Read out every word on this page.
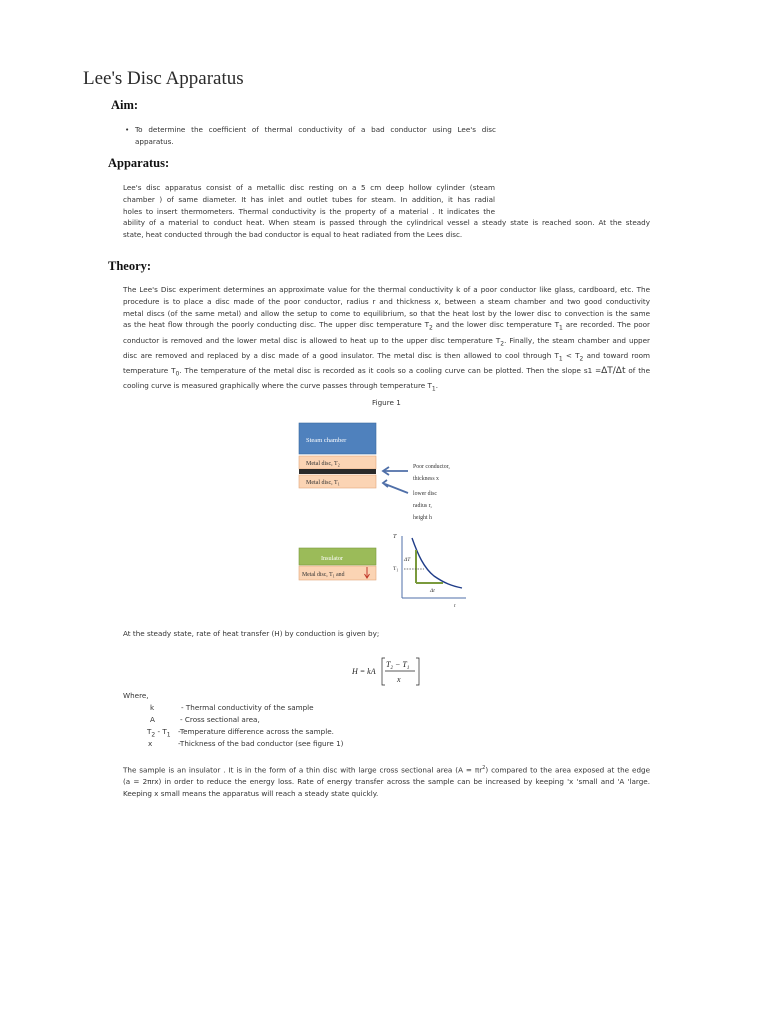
Lee's Disc Apparatus
Aim:
• To determine the coefficient of thermal conductivity of a bad conductor using Lee's disc
apparatus.
Apparatus:
Lee's disc apparatus consist of a metallic disc resting on a 5 cm deep hollow cylinder (steam
chamber ) of same diameter. It has inlet and outlet tubes for steam. In addition, it has radial
holes to insert thermometers. Thermal conductivity is the property of a material . It indicates the
ability of a material to conduct heat. When steam is passed through the cylindrical vessel a steady state is reached soon. At the steady
state, heat conducted through the bad conductor is equal to heat radiated from the Lees disc.
Theory:
The Lee's Disc experiment determines an approximate value for the thermal conductivity k of a poor conductor like glass, cardboard, etc. The
procedure is to place a disc made of the poor conductor, radius r and thickness x, between a steam chamber and two good conductivity
metal discs (of the same metal) and allow the setup to come to equilibrium, so that the heat lost by the lower disc to convection is the same
as the heat flow through the poorly conducting disc. The upper disc temperature $T_2$ and the lower disc temperature $T_1$ are recorded. The poor
conductor is removed and the lower metal disc is allowed to heat up to the upper disc temperature $T_2$. Finally, the steam chamber and upper
disc are removed and replaced by a disc made of a good insulator. The metal disc is then allowed to cool through $T_1 < T_2$ and toward room
temperature $T_0$. The temperature of the metal disc is recorded as it cools so a cooling curve can be plotted. Then the slope s1 =ΔT/Δt of the
cooling curve is measured graphically where the curve passes through temperature $T_1$.
Figure 1
Steam chamber
Metal disc, $T_2$
Metal disc, $T_1$
Poor conductor,
thickness x
lower disc
radius r,
height h
Insulator
Metal disc, $T_1$ and
T
$T_1$
ΔT
Δt
t
At the steady state, rate of heat transfer (H) by conduction is given by;
H = kA
$T_2 - T_1$
x
Where,
k	- Thermal conductivity of the sample
A	- Cross sectional area,
$T_2 - T_1$ -Temperature difference across the sample.
x	-Thickness of the bad conductor (see figure 1)
The sample is an insulator . It is in the form of a thin disc with large cross sectional area $(A = \pi r^2)$ compared to the area exposed at the edge
(a = 2πrx) in order to reduce the energy loss. Rate of energy transfer across the sample can be increased by keeping 'x 'small and 'A 'large.
Keeping x small means the apparatus will reach a steady state quickly.
